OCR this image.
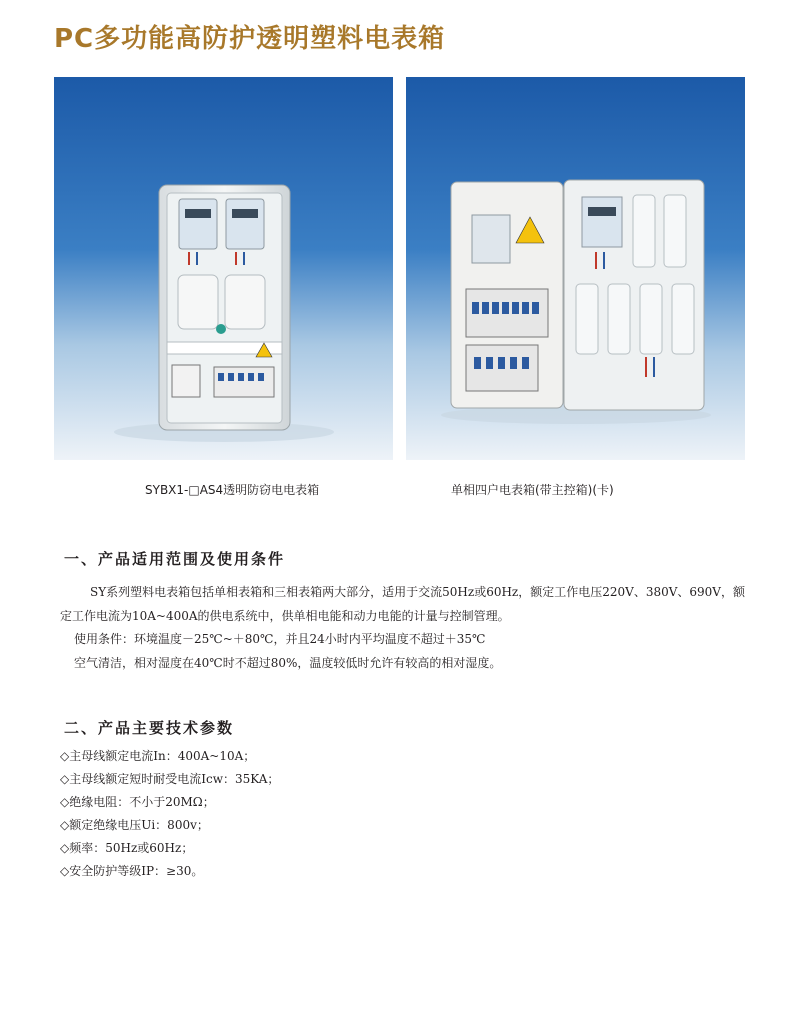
PC多功能高防护透明塑料电表箱
SYBX1-□AS4透明防窃电电表箱	单相四户电表箱(带主控箱)(卡)
一、产品适用范围及使用条件
SY系列塑料电表箱包括单相表箱和三相表箱两大部分，适用于交流50Hz或60Hz，额定工作电压220V、380V、690V，额定工作电流为10A~400A的供电系统中，供单相电能和动力电能的计量与控制管理。
使用条件：环境温度－25℃~＋80℃，并且24小时内平均温度不超过＋35℃
空气清洁，相对湿度在40℃时不超过80%，温度较低时允许有较高的相对湿度。
二、产品主要技术参数
◇主母线额定电流In：400A~10A；
◇主母线额定短时耐受电流Icw：35KA；
◇绝缘电阻：不小于20MΩ；
◇额定绝缘电压Ui：800v；
◇频率：50Hz或60Hz；
◇安全防护等级IP：≥30。
